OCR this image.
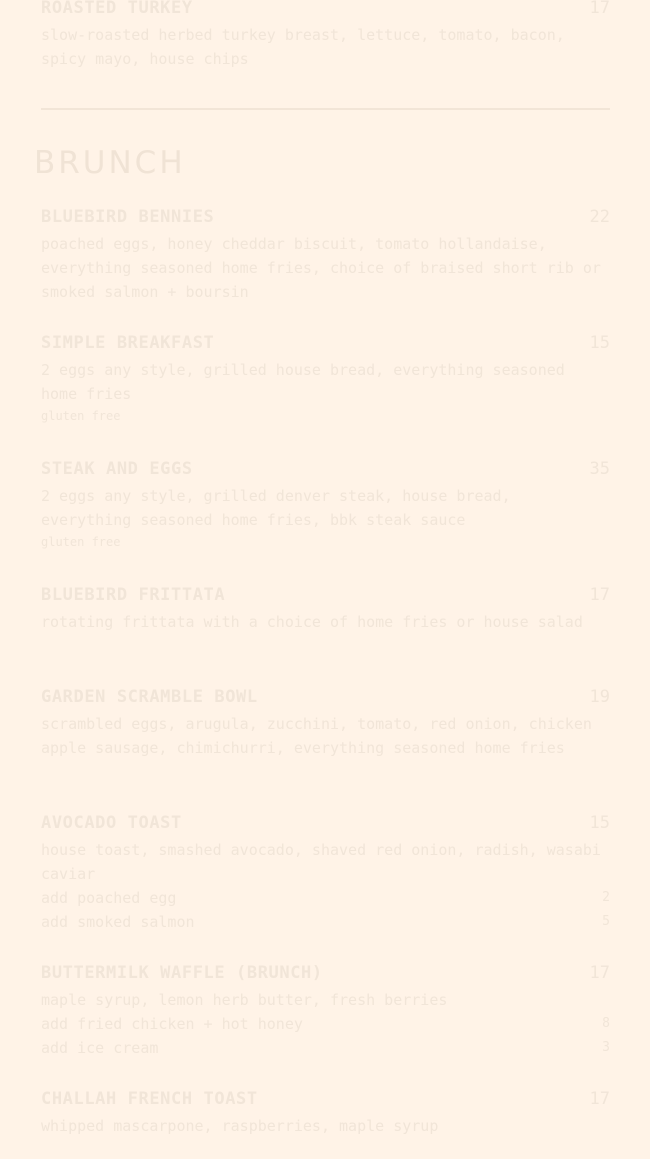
ROASTED TURKEY	17
slow-roasted herbed turkey breast, lettuce, tomato, bacon, spicy mayo, house chips
BRUNCH
BLUEBIRD BENNIES	22
poached eggs, honey cheddar biscuit, tomato hollandaise, everything seasoned home fries, choice of braised short rib or smoked salmon + boursin
SIMPLE BREAKFAST	15
2 eggs any style, grilled house bread, everything seasoned home fries
gluten free
STEAK AND EGGS	35
2 eggs any style, grilled denver steak, house bread, everything seasoned home fries, bbk steak sauce
gluten free
BLUEBIRD FRITTATA	17
rotating frittata with a choice of home fries or house salad
GARDEN SCRAMBLE BOWL	19
scrambled eggs, arugula, zucchini, tomato, red onion, chicken apple sausage, chimichurri, everything seasoned home fries
AVOCADO TOAST	15
house toast, smashed avocado, shaved red onion, radish, wasabi caviar
add poached egg	2
add smoked salmon	5
BUTTERMILK WAFFLE (BRUNCH)	17
maple syrup, lemon herb butter, fresh berries
add fried chicken + hot honey	8
add ice cream	3
CHALLAH FRENCH TOAST	17
whipped mascarpone, raspberries, maple syrup
